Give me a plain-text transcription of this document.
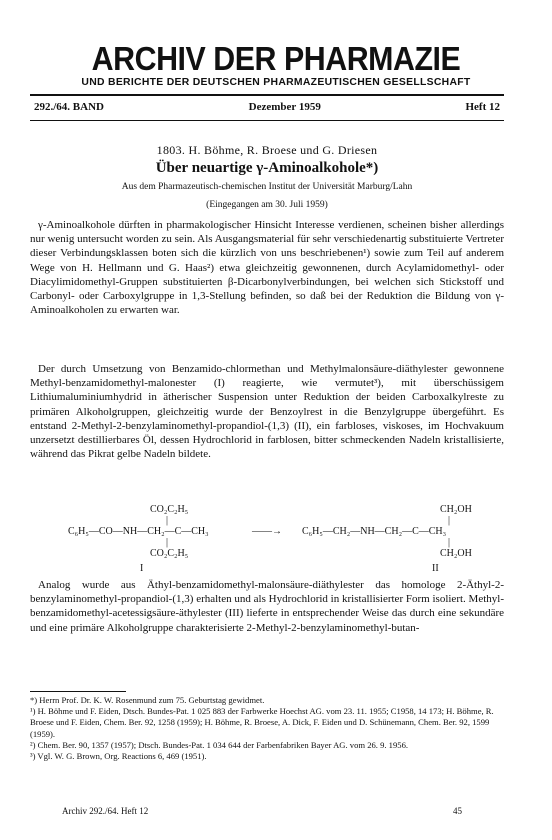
ARCHIV DER PHARMAZIE
UND BERICHTE DER DEUTSCHEN PHARMAZEUTISCHEN GESELLSCHAFT
292./64. BAND	Dezember 1959	Heft 12
1803. H. Böhme, R. Broese und G. Driesen
Über neuartige γ-Aminoalkohole*)
Aus dem Pharmazeutisch-chemischen Institut der Universität Marburg/Lahn
(Eingegangen am 30. Juli 1959)

γ-Aminoalkohole dürften in pharmakologischer Hinsicht Interesse verdienen, scheinen bisher allerdings nur wenig untersucht worden zu sein. Als Ausgangsmaterial für sehr verschiedenartig substituierte Vertreter dieser Verbindungsklassen boten sich die kürzlich von uns beschriebenen¹) sowie zum Teil auf anderem Wege von H. Hellmann und G. Haas²) etwa gleichzeitig gewonnenen, durch Acylamidomethyl- oder Diacylimidomethyl-Gruppen substituierten β-Dicarbonylverbindungen, bei welchen sich Stickstoff und Carbonyl- oder Carboxylgruppe in 1,3-Stellung befinden, so daß bei der Reduktion die Bildung von γ-Aminoalkoholen zu erwarten war.

Der durch Umsetzung von Benzamido-chlormethan und Methylmalonsäure-diäthylester gewonnene Methyl-benzamidomethyl-malonester (I) reagierte, wie vermutet³), mit überschüssigem Lithiumaluminiumhydrid in ätherischer Suspension unter Reduktion der beiden Carboxalkylreste zu primären Alkoholgruppen, gleichzeitig wurde der Benzoylrest in die Benzylgruppe übergeführt. Es entstand 2-Methyl-2-benzylaminomethyl-propandiol-(1,3) (II), ein farbloses, viskoses, im Hochvakuum unzersetzt destillierbares Öl, dessen Hydrochlorid in farblosen, bitter schmeckenden Nadeln kristallisierte, während das Pikrat gelbe Nadeln bildete.

CO₂C₂H₅
|
C₆H₅—CO—NH—CH₂—C—CH₃
|
CO₂C₂H₅
I
——→
CH₂OH
|
C₆H₅—CH₂—NH—CH₂—C—CH₃
|
CH₂OH
II

Analog wurde aus Äthyl-benzamidomethyl-malonsäure-diäthylester das homologe 2-Äthyl-2-benzylaminomethyl-propandiol-(1,3) erhalten und als Hydrochlorid in kristallisierter Form isoliert. Methyl-benzamidomethyl-acetessigsäure-äthylester (III) lieferte in entsprechender Weise das durch eine sekundäre und eine primäre Alkoholgruppe charakterisierte 2-Methyl-2-benzylaminomethyl-butan-

*) Herrn Prof. Dr. K. W. Rosenmund zum 75. Geburtstag gewidmet.
¹) H. Böhme und F. Eiden, Dtsch. Bundes-Pat. 1 025 883 der Farbwerke Hoechst AG. vom 23. 11. 1955; C1958, 14 173; H. Böhme, R. Broese und F. Eiden, Chem. Ber. 92, 1258 (1959); H. Böhme, R. Broese, A. Dick, F. Eiden und D. Schünemann, Chem. Ber. 92, 1599 (1959).
²) Chem. Ber. 90, 1357 (1957); Dtsch. Bundes-Pat. 1 034 644 der Farbenfabriken Bayer AG. vom 26. 9. 1956.
³) Vgl. W. G. Brown, Org. Reactions 6, 469 (1951).
Archiv 292./64. Heft 12	45
